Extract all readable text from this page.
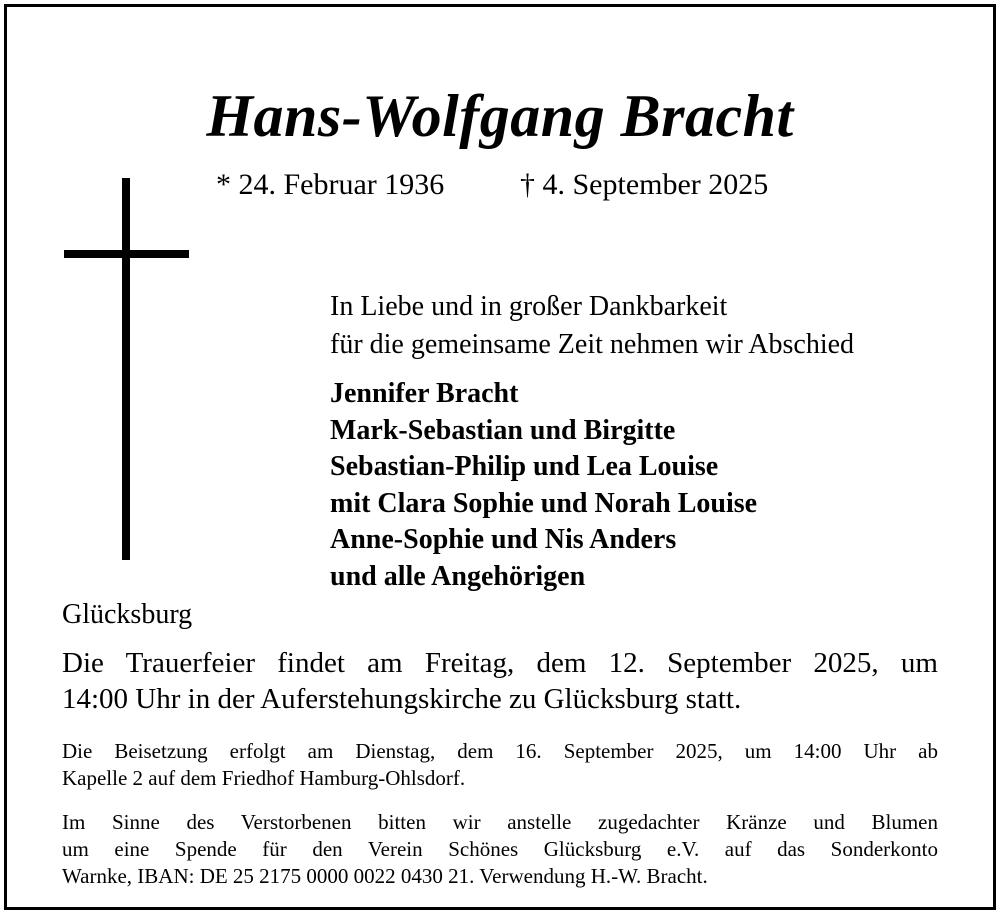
Hans-Wolfgang Bracht
* 24. Februar 1936	† 4. September 2025
In Liebe und in großer Dankbarkeit
für die gemeinsame Zeit nehmen wir Abschied
Jennifer Bracht
Mark-Sebastian und Birgitte
Sebastian-Philip und Lea Louise
mit Clara Sophie und Norah Louise
Anne-Sophie und Nis Anders
und alle Angehörigen
Glücksburg
Die Trauerfeier findet am Freitag, dem 12. September 2025, um
14:00 Uhr in der Auferstehungskirche zu Glücksburg statt.
Die Beisetzung erfolgt am Dienstag, dem 16. September 2025, um 14:00 Uhr ab
Kapelle 2 auf dem Friedhof Hamburg-Ohlsdorf.
Im Sinne des Verstorbenen bitten wir anstelle zugedachter Kränze und Blumen
um eine Spende für den Verein Schönes Glücksburg e.V. auf das Sonderkonto
Warnke, IBAN: DE 25 2175 0000 0022 0430 21. Verwendung H.-W. Bracht.
